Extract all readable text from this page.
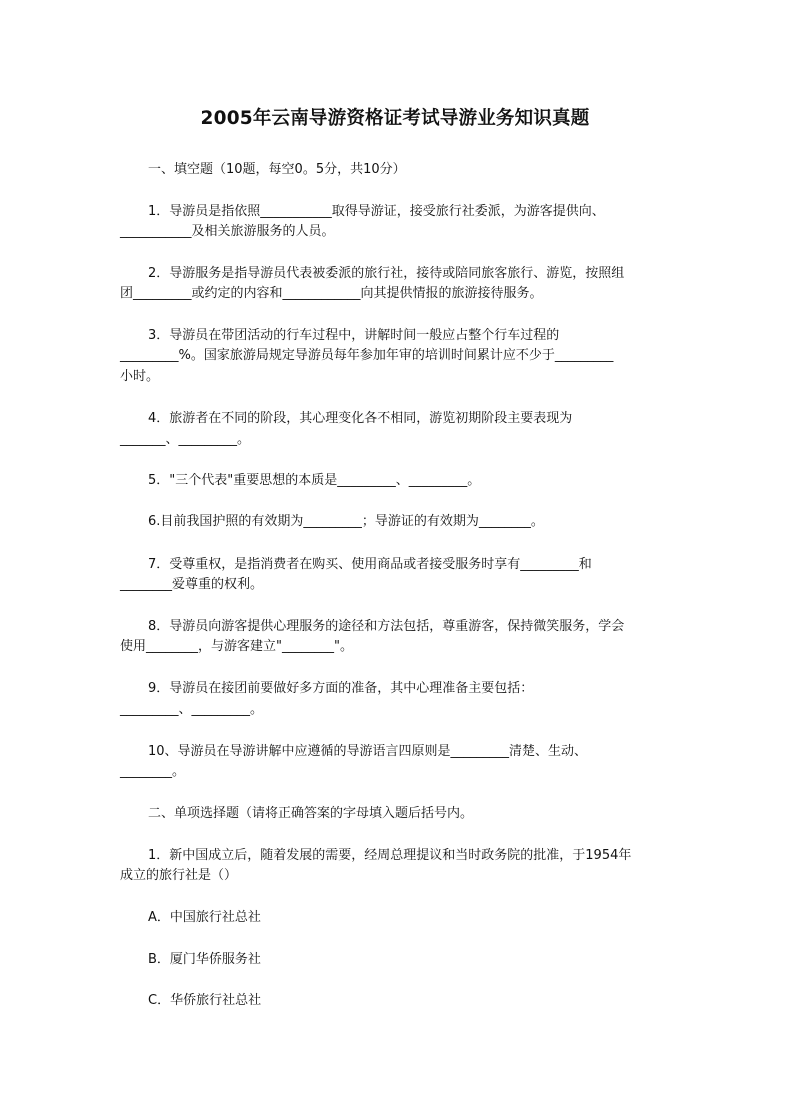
2005年云南导游资格证考试导游业务知识真题
一、填空题（10题，每空0。5分，共10分）
1．导游员是指依照___________取得导游证，接受旅行社委派，为游客提供向、
___________及相关旅游服务的人员。
2．导游服务是指导游员代表被委派的旅行社，接待或陪同旅客旅行、游览，按照组
团_________或约定的内容和____________向其提供情报的旅游接待服务。
3．导游员在带团活动的行车过程中，讲解时间一般应占整个行车过程的
_________%。国家旅游局规定导游员每年参加年审的培训时间累计应不少于_________
小时。
4．旅游者在不同的阶段，其心理变化各不相同，游览初期阶段主要表现为
_______、_________。
5．"三个代表"重要思想的本质是_________、_________。
6.目前我国护照的有效期为_________；导游证的有效期为________。
7．受尊重权，是指消费者在购买、使用商品或者接受服务时享有_________和
________爱尊重的权利。
8．导游员向游客提供心理服务的途径和方法包括，尊重游客，保持微笑服务，学会
使用________，与游客建立"________"。
9．导游员在接团前要做好多方面的准备，其中心理准备主要包括：
_________、_________。
10、导游员在导游讲解中应遵循的导游语言四原则是_________清楚、生动、
________。
二、单项选择题（请将正确答案的字母填入题后括号内。
1．新中国成立后，随着发展的需要，经周总理提议和当时政务院的批准，于1954年
成立的旅行社是（）
A．中国旅行社总社
B．厦门华侨服务社
C．华侨旅行社总社
